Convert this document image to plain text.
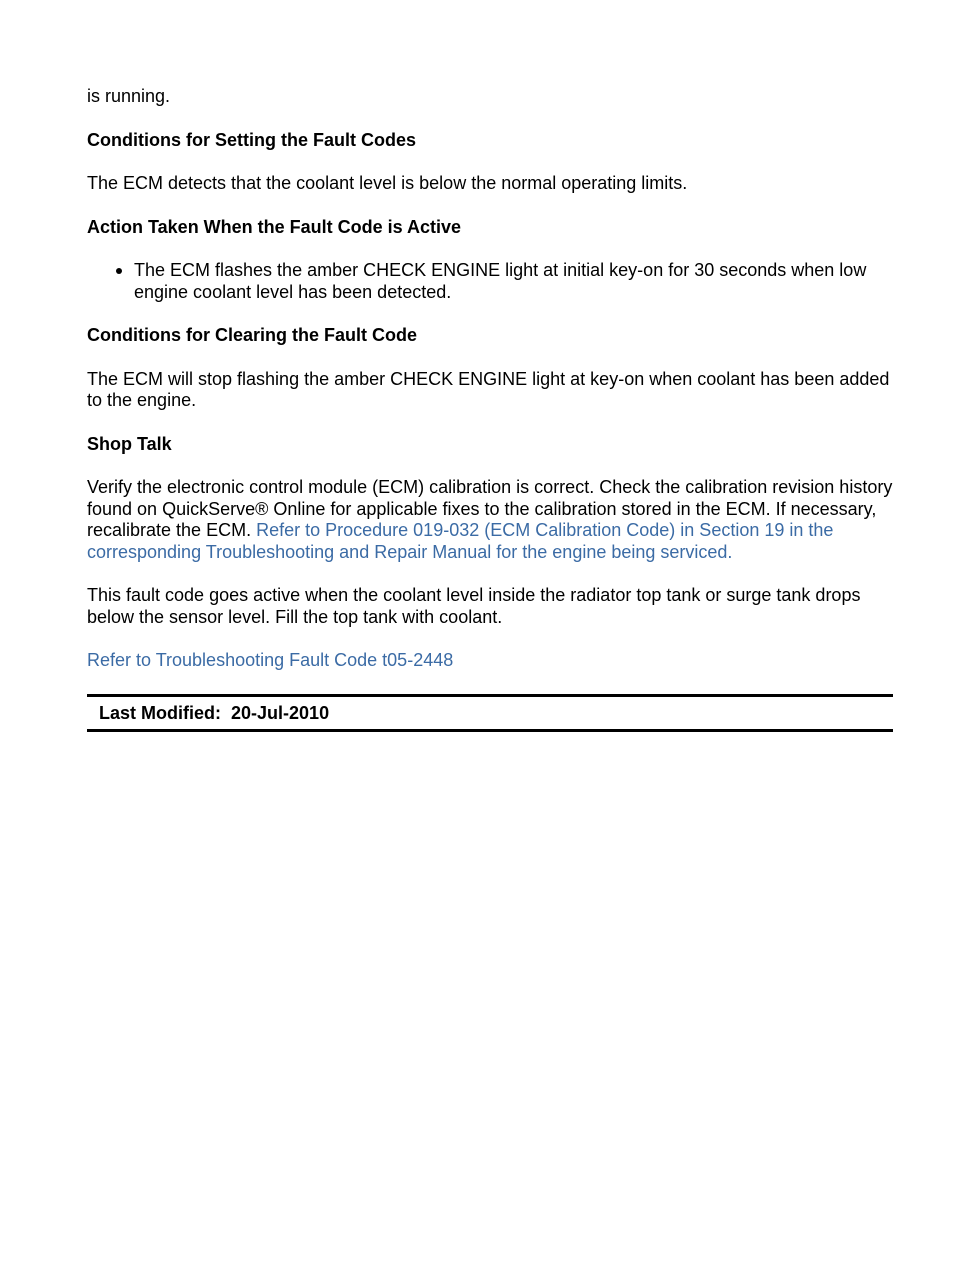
is running.

Conditions for Setting the Fault Codes

The ECM detects that the coolant level is below the normal operating limits.

Action Taken When the Fault Code is Active

The ECM flashes the amber CHECK ENGINE light at initial key-on for 30 seconds when low engine coolant level has been detected.

Conditions for Clearing the Fault Code

The ECM will stop flashing the amber CHECK ENGINE light at key-on when coolant has been added to the engine.

Shop Talk

Verify the electronic control module (ECM) calibration is correct. Check the calibration revision history found on QuickServe® Online for applicable fixes to the calibration stored in the ECM. If necessary, recalibrate the ECM. Refer to Procedure 019-032 (ECM Calibration Code) in Section 19 in the corresponding Troubleshooting and Repair Manual for the engine being serviced.

This fault code goes active when the coolant level inside the radiator top tank or surge tank drops below the sensor level. Fill the top tank with coolant.

Refer to Troubleshooting Fault Code t05-2448

Last Modified: 20-Jul-2010
